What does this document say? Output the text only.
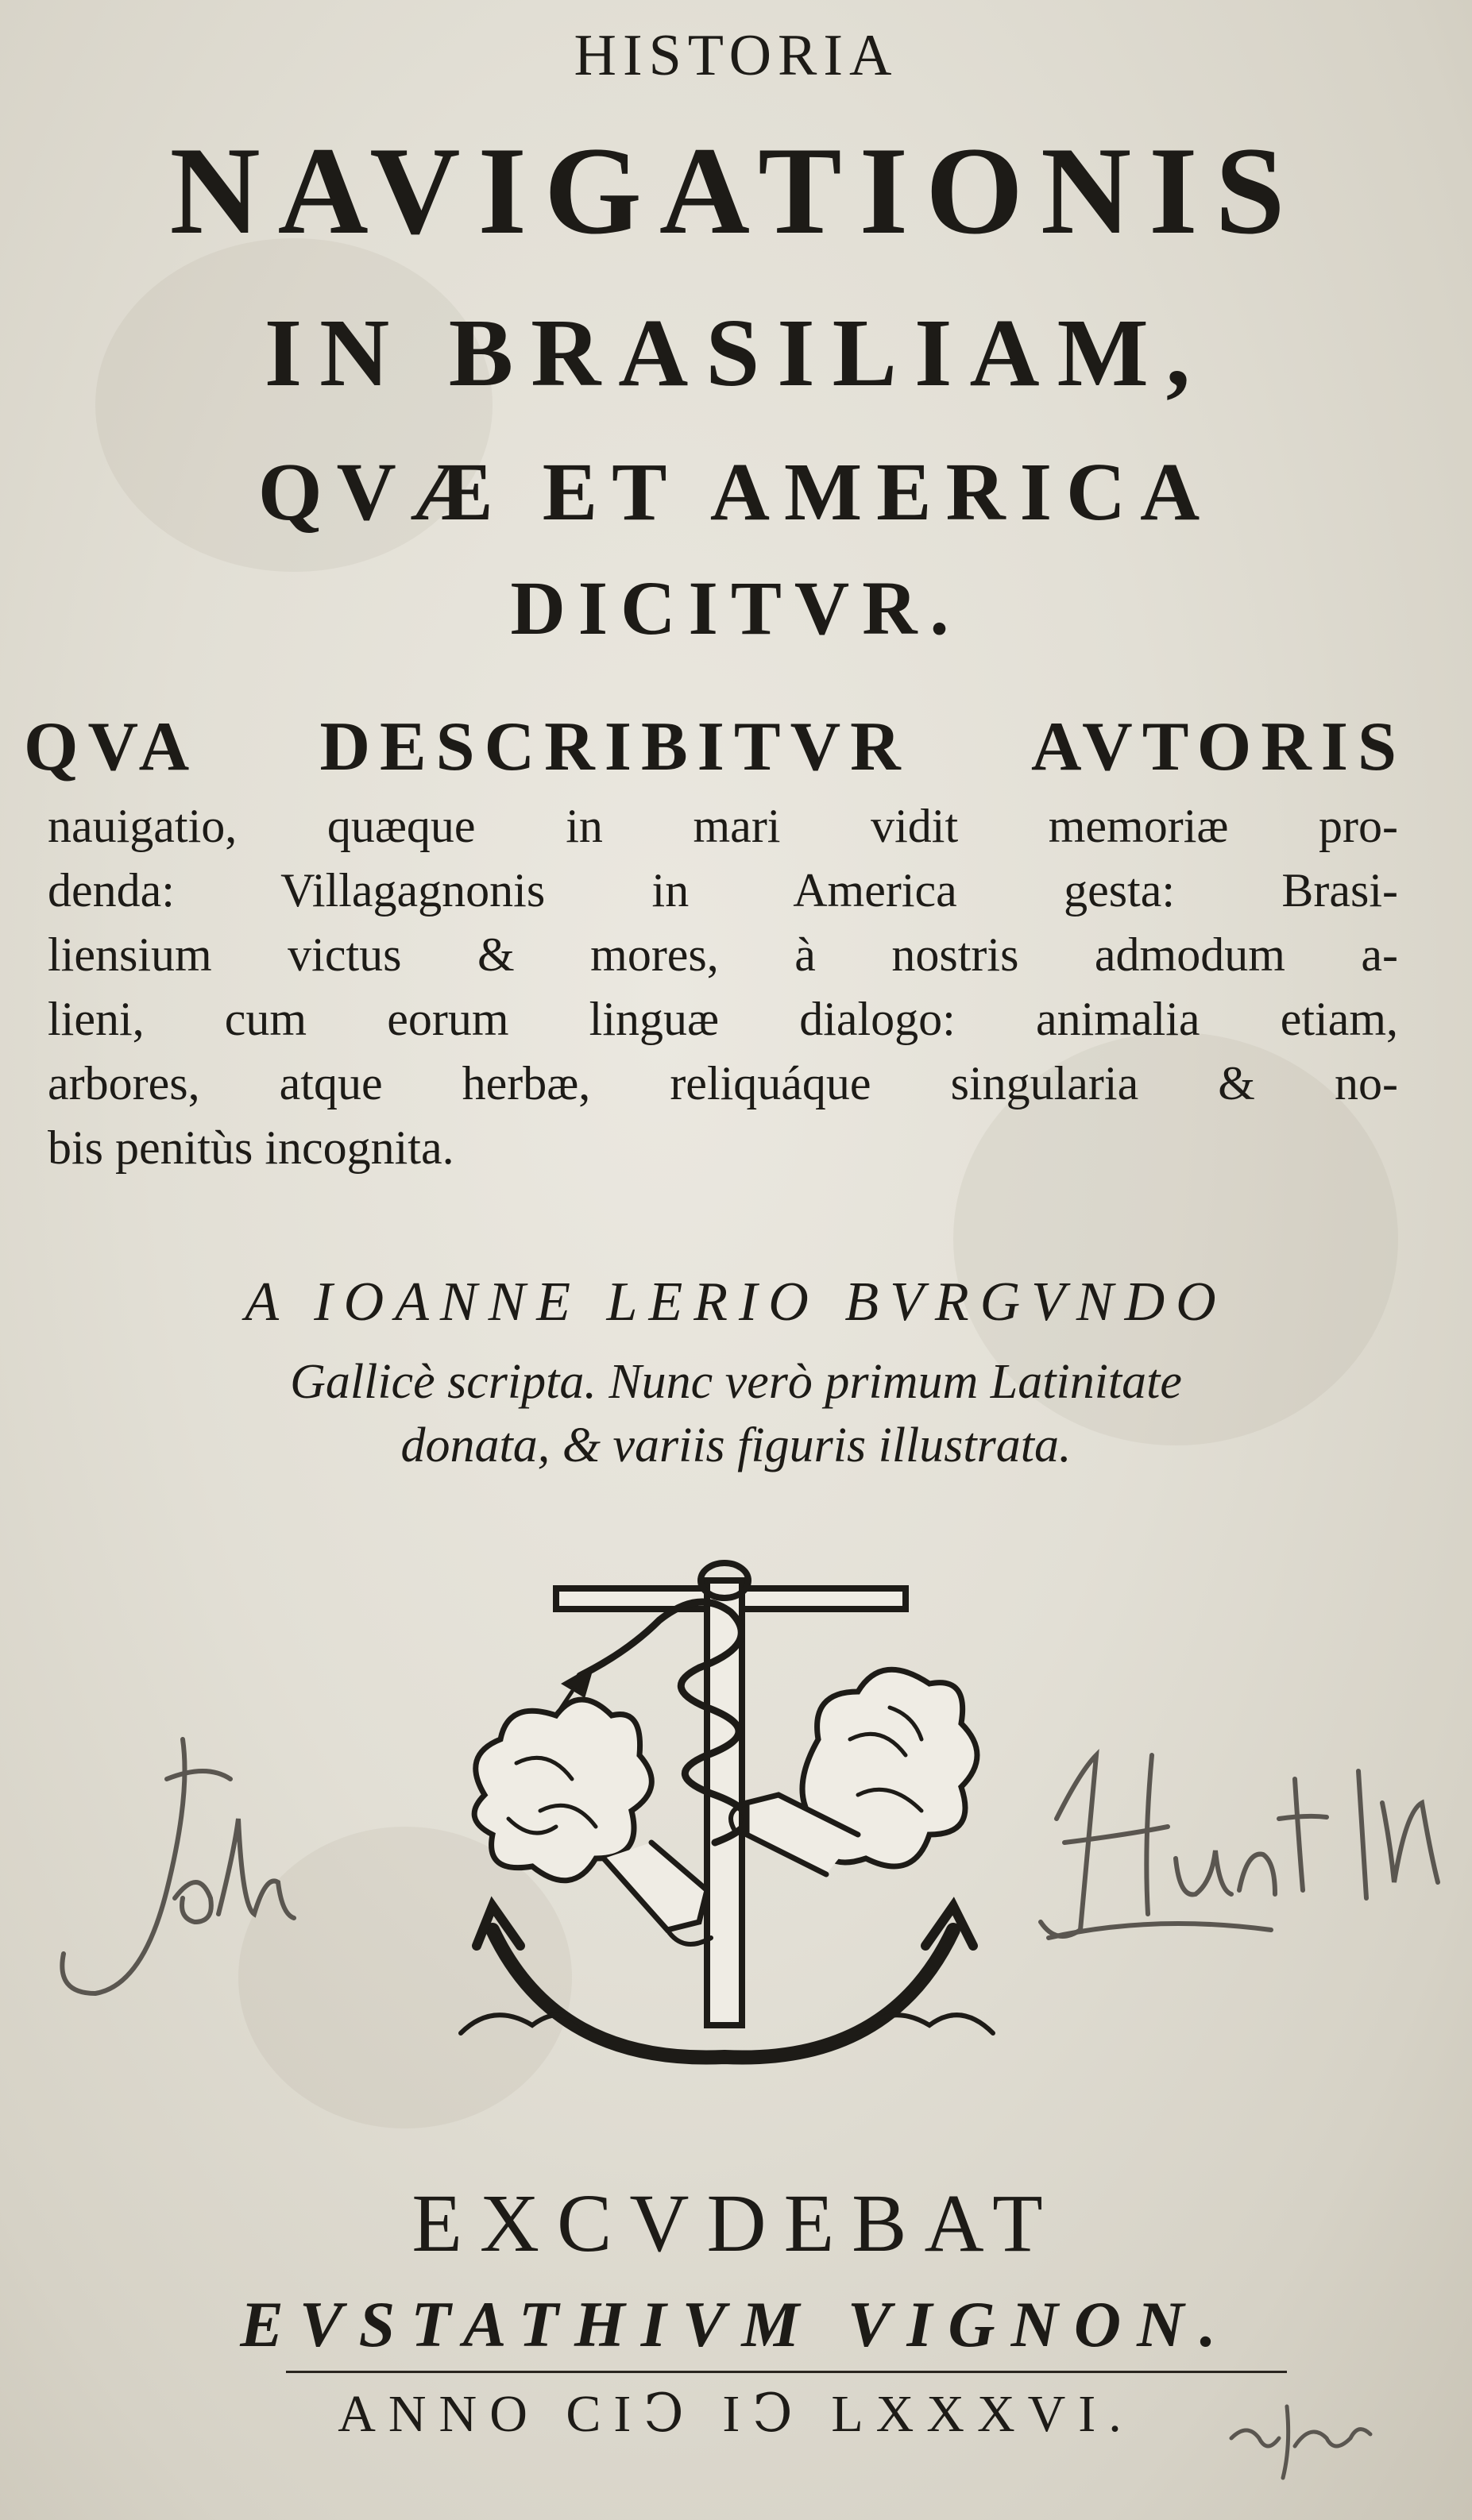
HISTORIA
NAVIGATIONIS
IN BRASILIAM,
QVÆ ET AMERICA
DICITVR.
QVA DESCRIBITVR AVTORIS
nauigatio, quæque in mari vidit memoriæ pro-
denda: Villagagnonis in America gesta: Brasi-
liensium victus & mores, à nostris admodum a-
lieni, cum eorum linguæ dialogo: animalia etiam,
arbores, atque herbæ, reliquáque singularia & no-
bis penitùs incognita.
A IOANNE LERIO BVRGVNDO
Gallicè scripta. Nunc verò primum Latinitate
donata, & variis figuris illustrata.
EXCVDEBAT
EVSTATHIVM VIGNON.
ANNO CIↃ IↃ LXXXVI.
